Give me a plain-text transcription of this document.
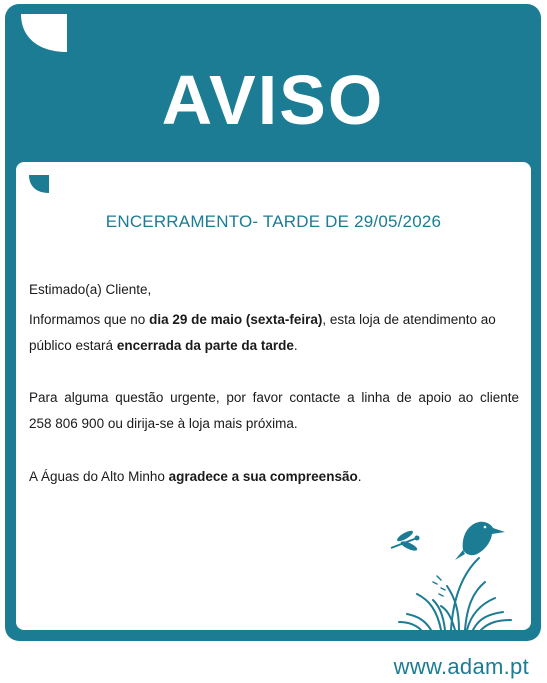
AVISO
ENCERRAMENTO- TARDE DE 29/05/2026
Estimado(a) Cliente,
Informamos que no dia 29 de maio (sexta-feira), esta loja de atendimento ao público estará encerrada da parte da tarde.
Para alguma questão urgente, por favor contacte a linha de apoio ao cliente
258 806 900 ou dirija-se à loja mais próxima.
A Águas do Alto Minho agradece a sua compreensão.
www.adam.pt
